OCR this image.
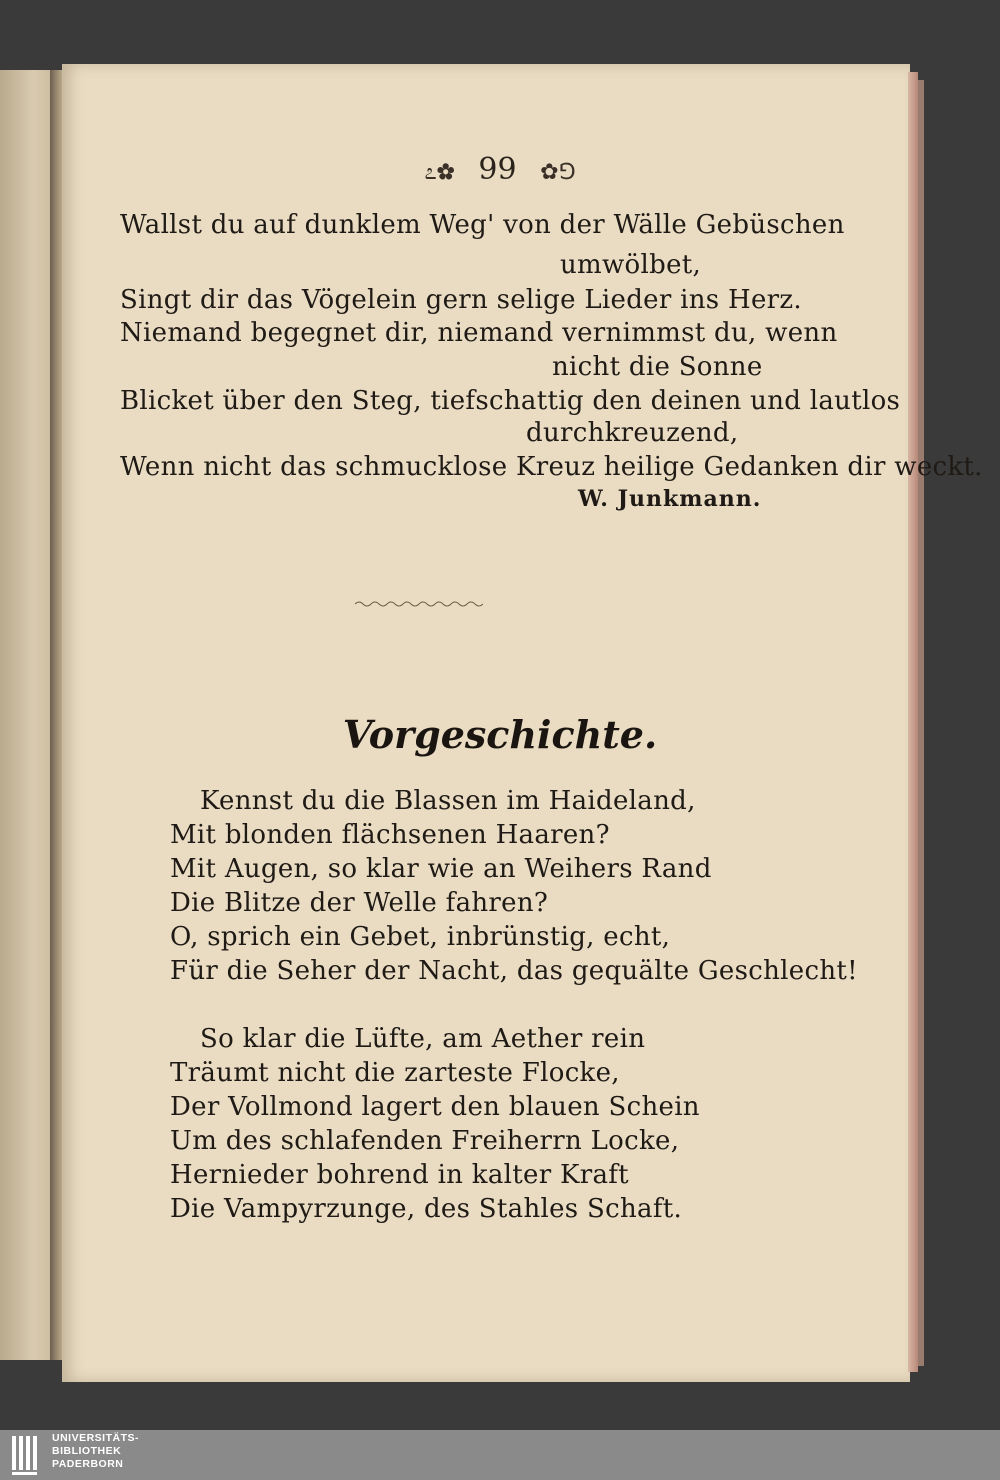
೭✿ 99 ✿⅁
Wallst du auf dunklem Weg' von der Wälle Gebüschen
umwölbet,
Singt dir das Vögelein gern selige Lieder ins Herz.
Niemand begegnet dir, niemand vernimmst du, wenn
nicht die Sonne
Blicket über den Steg, tiefschattig den deinen und lautlos
durchkreuzend,
Wenn nicht das schmucklose Kreuz heilige Gedanken dir weckt.
W. Junkmann.
Vorgeschichte.
Kennst du die Blassen im Haideland,
Mit blonden flächsenen Haaren?
Mit Augen, so klar wie an Weihers Rand
Die Blitze der Welle fahren?
O, sprich ein Gebet, inbrünstig, echt,
Für die Seher der Nacht, das gequälte Geschlecht!
So klar die Lüfte, am Aether rein
Träumt nicht die zarteste Flocke,
Der Vollmond lagert den blauen Schein
Um des schlafenden Freiherrn Locke,
Hernieder bohrend in kalter Kraft
Die Vampyrzunge, des Stahles Schaft.
UNIVERSITÄTS-
BIBLIOTHEK
PADERBORN
